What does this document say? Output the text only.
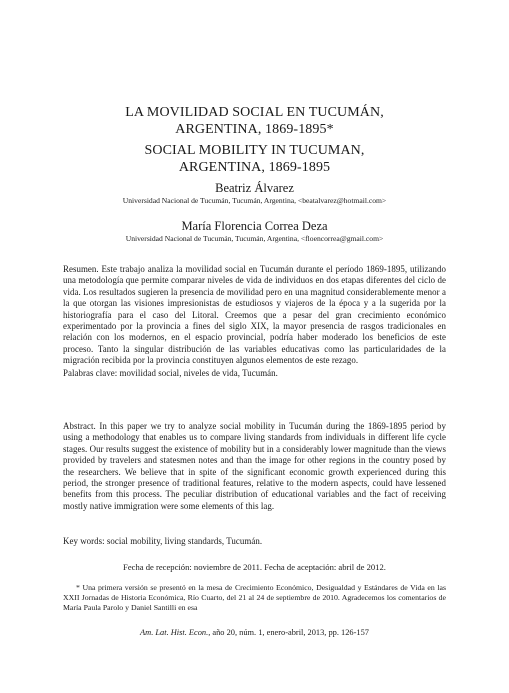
LA MOVILIDAD SOCIAL EN TUCUMÁN,
ARGENTINA, 1869-1895*
SOCIAL MOBILITY IN TUCUMAN,
ARGENTINA, 1869-1895
Beatriz Álvarez
Universidad Nacional de Tucumán, Tucumán, Argentina, <beatalvarez@hotmail.com>
María Florencia Correa Deza
Universidad Nacional de Tucumán, Tucumán, Argentina, <floencorrea@gmail.com>
Resumen. Este trabajo analiza la movilidad social en Tucumán durante el período 1869-1895, utilizando una metodología que permite comparar niveles de vida de individuos en dos etapas diferentes del ciclo de vida. Los resultados sugieren la presencia de movilidad pero en una magnitud considerablemente menor a la que otorgan las visiones impresionistas de estudiosos y viajeros de la época y a la sugerida por la historiografía para el caso del Litoral. Creemos que a pesar del gran crecimiento económico experimentado por la provincia a fines del siglo XIX, la mayor presencia de rasgos tradicionales en relación con los modernos, en el espacio provincial, podría haber moderado los beneficios de este proceso. Tanto la singular distribución de las variables educativas como las particularidades de la migración recibida por la provincia constituyen algunos elementos de este rezago.
Palabras clave: movilidad social, niveles de vida, Tucumán.
Abstract. In this paper we try to analyze social mobility in Tucumán during the 1869-1895 period by using a methodology that enables us to compare living standards from individuals in different life cycle stages. Our results suggest the existence of mobility but in a considerably lower magnitude than the views provided by travelers and statesmen notes and than the image for other regions in the country posed by the researchers. We believe that in spite of the significant economic growth experienced during this period, the stronger presence of traditional features, relative to the modern aspects, could have lessened benefits from this process. The peculiar distribution of educational variables and the fact of receiving mostly native immigration were some elements of this lag.
Key words: social mobility, living standards, Tucumán.
Fecha de recepción: noviembre de 2011. Fecha de aceptación: abril de 2012.
* Una primera versión se presentó en la mesa de Crecimiento Económico, Desigualdad y Estándares de Vida en las XXII Jornadas de Historia Económica, Río Cuarto, del 21 al 24 de septiembre de 2010. Agradecemos los comentarios de María Paula Parolo y Daniel Santilli en esa
Am. Lat. Hist. Econ., año 20, núm. 1, enero-abril, 2013, pp. 126-157
